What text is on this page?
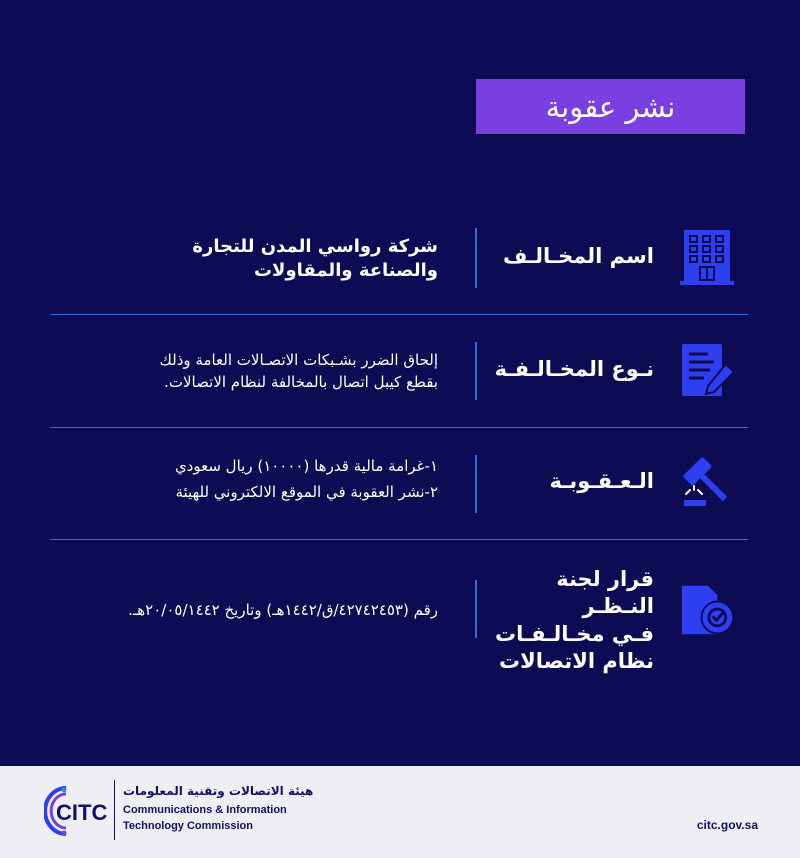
نشر عقوبة
اسم المخـالـف
شركة رواسي المدن للتجارة
والصناعة والمقاولات
نـوع المخـالـفـة
إلحاق الضرر بشـبكات الاتصـالات العامة وذلك
بقطع كيبل اتصال بالمخالفة لنظام الاتصالات.
الـعـقـوبـة
١-غرامة مالية قدرها (١٠٠٠٠) ريال سعودي
٢-نشر العقوبة في الموقع الالكتروني للهيئة
قرار لجنة النـظـر
فـي مخـالـفـات
نظام الاتصالات
رقم (٤٢٧٤٢٤٥٣/ق/١٤٤٢هـ) وتاريخ ٢٠/٠٥/١٤٤٢هـ.
CITC
هيئة الاتصالات وتقنية المعلومات
Communications & Information
Technology Commission	citc.gov.sa
